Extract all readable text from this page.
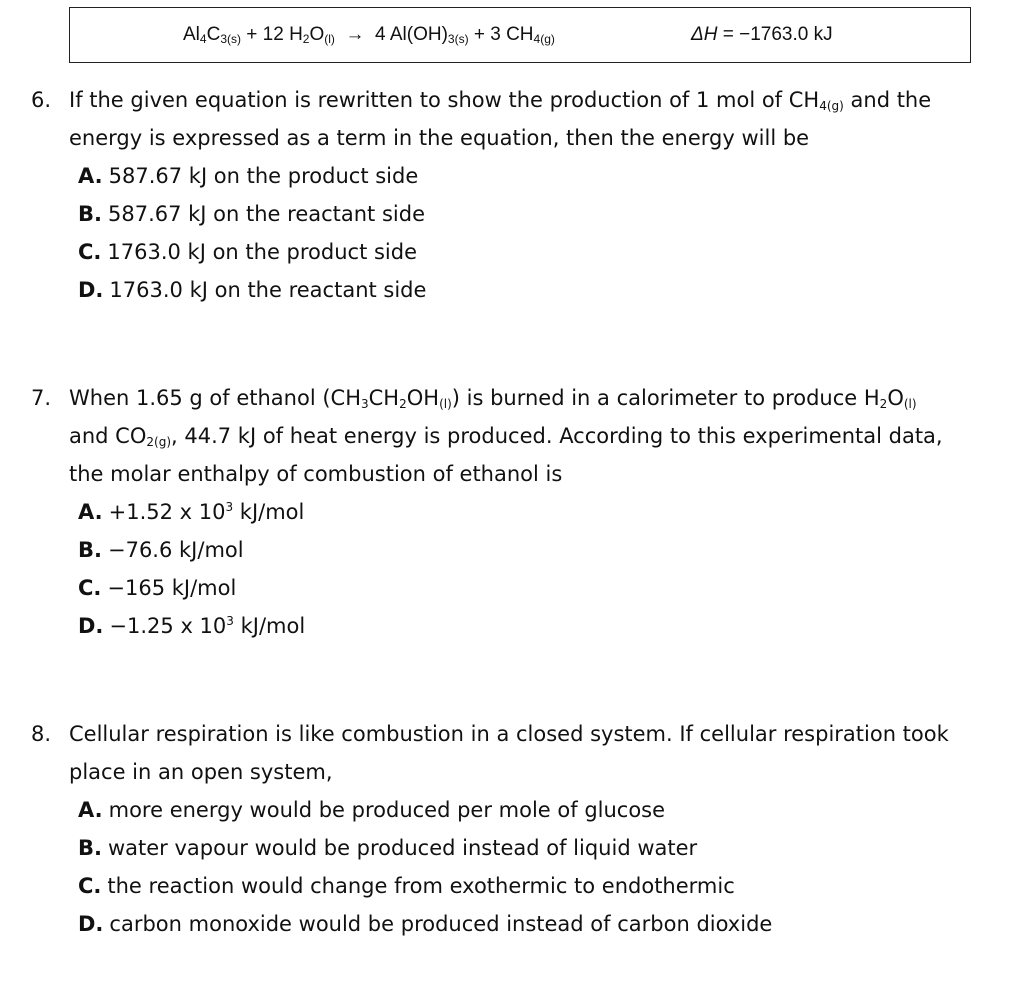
$Al_4C_{3(s)} + 12$ $H_2O_{(l)} \to 4$ $Al(OH)_{3(s)} + 3$ $CH_{4(g)}$	ΔH = −1763.0 kJ
6. If the given equation is rewritten to show the production of 1 mol of $CH_{4(g)}$ and the
energy is expressed as a term in the equation, then the energy will be
A. 587.67 kJ on the product side
B. 587.67 kJ on the reactant side
C. 1763.0 kJ on the product side
D. 1763.0 kJ on the reactant side
7. When 1.65 g of ethanol $(CH_3CH_2OH_{(l)})$ is burned in a calorimeter to produce $H_2O_{(l)}$
and $CO_{2(g)}$, 44.7 kJ of heat energy is produced. According to this experimental data,
the molar enthalpy of combustion of ethanol is
A. +1.52 x $10^3$ kJ/mol
B. −76.6 kJ/mol
C. −165 kJ/mol
D. −1.25 x $10^3$ kJ/mol
8. Cellular respiration is like combustion in a closed system. If cellular respiration took
place in an open system,
A. more energy would be produced per mole of glucose
B. water vapour would be produced instead of liquid water
C. the reaction would change from exothermic to endothermic
D. carbon monoxide would be produced instead of carbon dioxide
